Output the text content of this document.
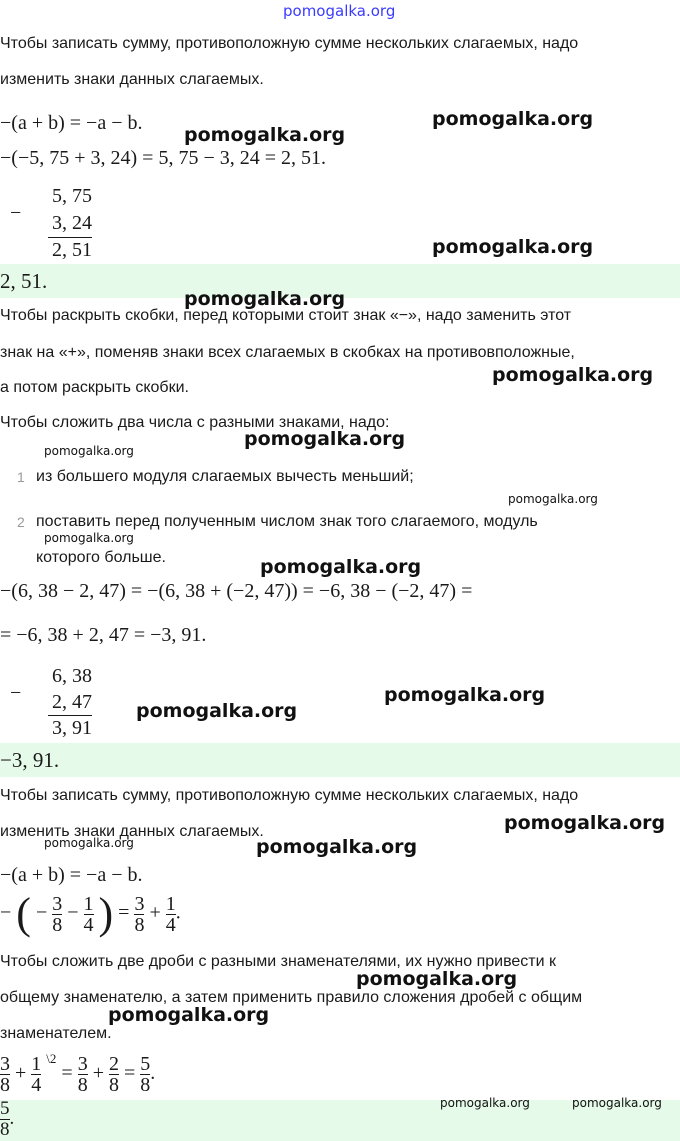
pomogalka.org
Чтобы записать сумму, противоположную сумме нескольких слагаемых, надо
изменить знаки данных слагаемых.
−(a + b) = −a − b.
−(−5, 75 + 3, 24) = 5, 75 − 3, 24 = 2, 51.
−
5, 75
3, 24
2, 51
2, 51.
Чтобы раскрыть скобки, перед которыми стоит знак «−», надо заменить этот
знак на «+», поменяв знаки всех слагаемых в скобках на противовположные,
а потом раскрыть скобки.
Чтобы сложить два числа с разными знаками, надо:
1 из большего модуля слагаемых вычесть меньший;
2 поставить перед полученным числом знак того слагаемого, модуль
которого больше.
−(6, 38 − 2, 47) = −(6, 38 + (−2, 47)) = −6, 38 − (−2, 47) =
= −6, 38 + 2, 47 = −3, 91.
−
6, 38
2, 47
3, 91
−3, 91.
Чтобы записать сумму, противоположную сумме нескольких слагаемых, надо
изменить знаки данных слагаемых.
−(a + b) = −a − b.
− ( − $\frac{3}{8} - \frac{1}{4}$ ) = $\frac{3}{8} + \frac{1}{4}$ .
Чтобы сложить две дроби с разными знаменателями, их нужно привести к
общему знаменателю, а затем применить правило сложения дробей с общим
знаменателем.
$\frac{3}{8} + \frac{1}{4} ^{\backslash 2} = \frac{3}{8} + \frac{2}{8} = \frac{5}{8}$ .
$\frac{5}{8}$ .
pomogalka.org
pomogalka.org
pomogalka.org
pomogalka.org
pomogalka.org
pomogalka.org
pomogalka.org
pomogalka.org
pomogalka.org
pomogalka.org
pomogalka.org
pomogalka.org
pomogalka.org
pomogalka.org	pomogalka.org
pomogalka.org
pomogalka.org
pomogalka.org	pomogalka.org
